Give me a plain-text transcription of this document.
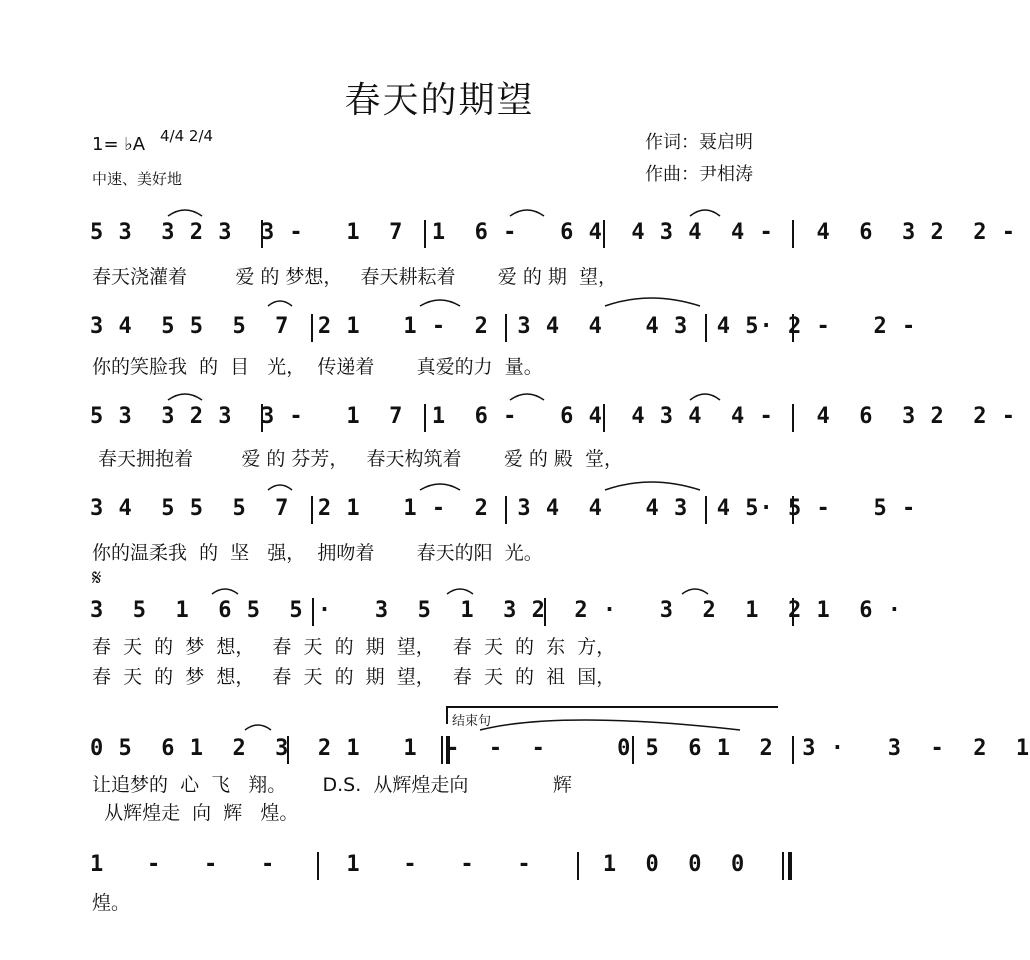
春天的期望
1= ♭A 4/4 2/4
中速、美好地
作词：聂启明
作曲：尹相涛
5 3  3 2 3  3 -   1  7  1  6 -   6 4  4 3 4  4 -   4  6  3 2  2 -
春天浇灌着        爱 的 梦想，   春天耕耘着       爱 的 期  望，
3 4  5 5  5  7  2 1   1 -  2  3 4  4   4 3  4 5· 2 -   2 -
你的笑脸我  的  目   光，  传递着       真爱的力  量。
5 3  3 2 3  3 -   1  7  1  6 -   6 4  4 3 4  4 -   4  6  3 2  2 -
春天拥抱着        爱 的 芬芳，   春天构筑着       爱 的 殿  堂，
3 4  5 5  5  7  2 1   1 -  2  3 4  4   4 3  4 5· 5 -   5 -
你的温柔我  的  坚   强，  拥吻着       春天的阳  光。
𝄋
3  5  1  6 5  5 ·   3  5  1  3 2  2 ·   3  2  1  2 1  6 ·
春  天  的  梦  想，   春  天  的  期  望，   春  天  的  东  方，
春  天  的  梦  想，   春  天  的  期  望，   春  天  的  祖  国，
结束句
0 5  6 1  2  3  2 1   1  -  -  -     0 5  6 1  2  3 ·   3  -  2  1
让追梦的  心  飞   翔。      D.S.  从辉煌走向              辉
从辉煌走  向  辉   煌。
1   -   -   -     1   -   -   -     1  0  0  0
煌。
